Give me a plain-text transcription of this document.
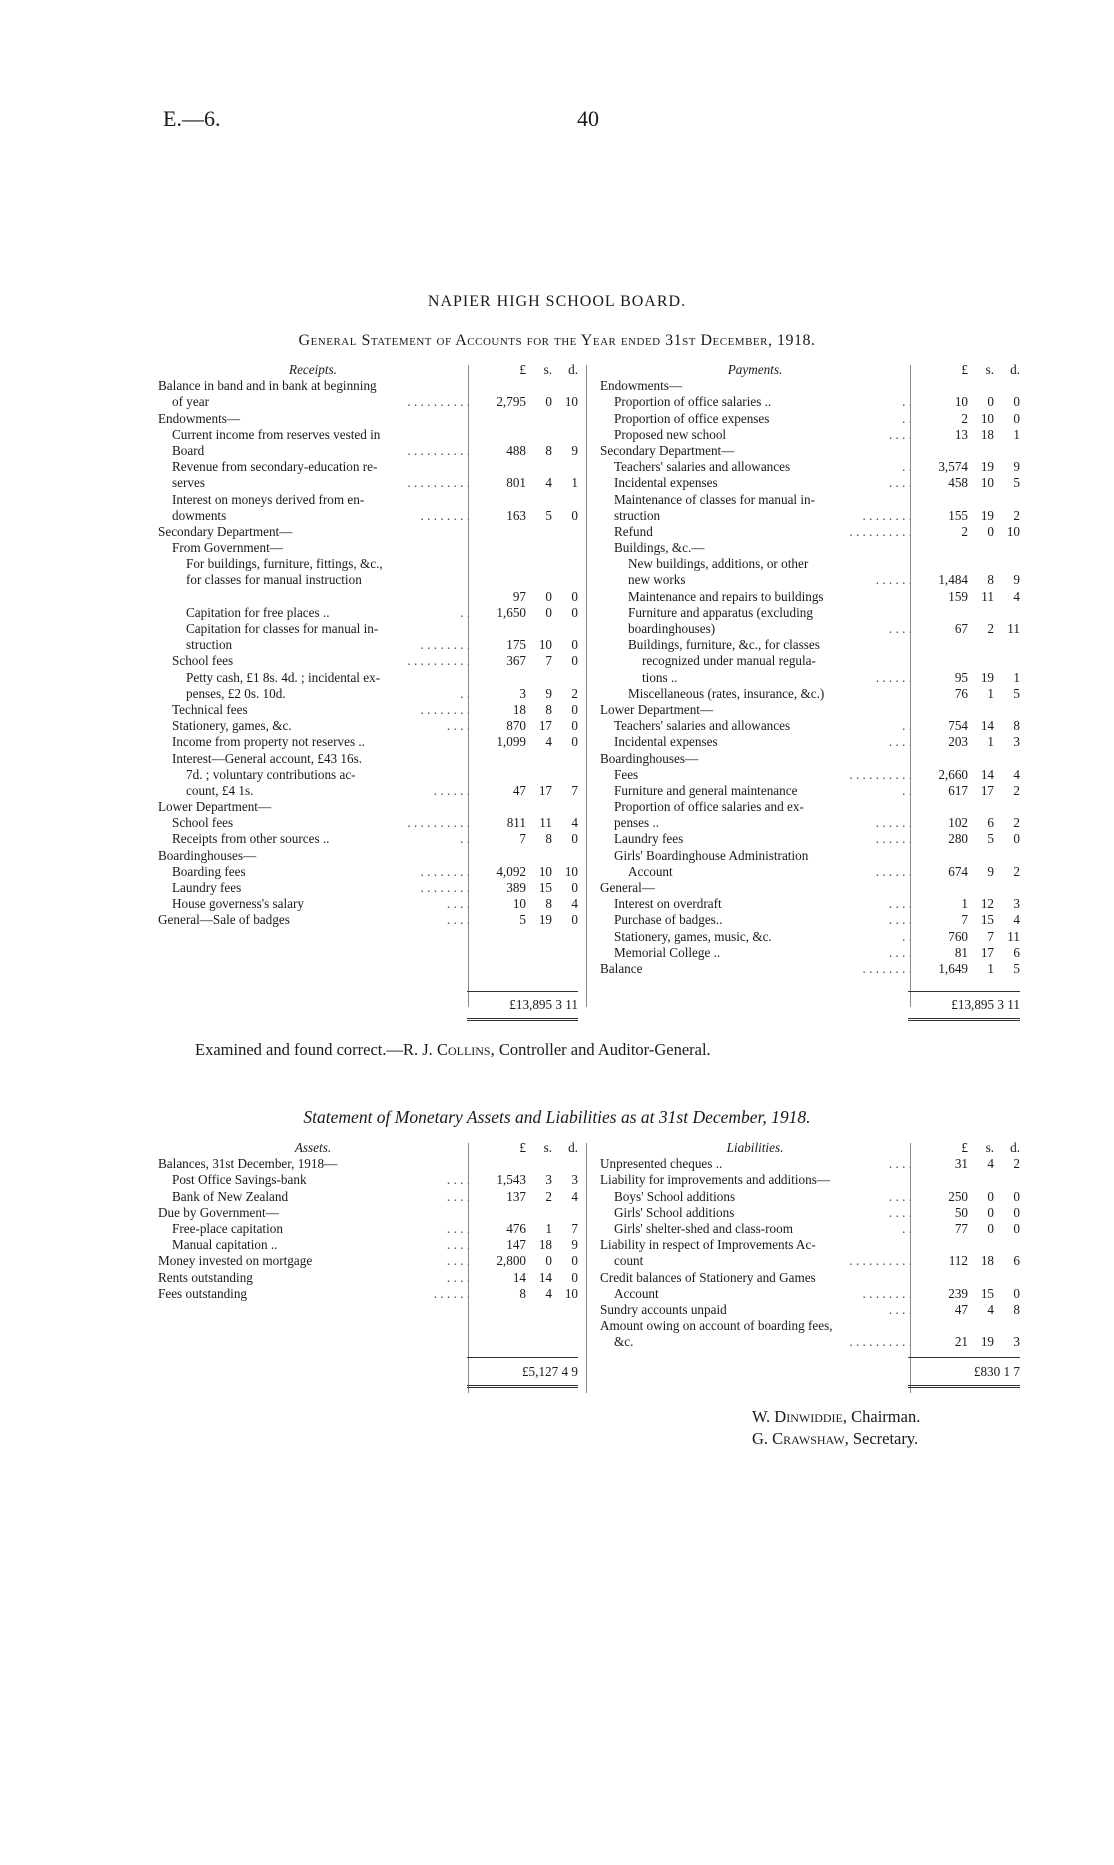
E.—6.	40
NAPIER HIGH SCHOOL BOARD.
General Statement of Accounts for the Year ended 31st December, 1918.
Receipts.	£	s.	d.
Balance in band and in bank at beginning
of year	. . . . . . . . . .	2,795	0 10
Endowments—
Current income from reserves vested in
Board	. . . . . . . . . .	488	8	9
Revenue from secondary-education re-
serves	. . . . . . . . . .	801	4	1
Interest on moneys derived from en-
dowments	. . . . . . . .	163	5	0
Secondary Department—
From Government—
For buildings, furniture, fittings, &c.,
for classes for manual instruction
97	0	0
Capitation for free places ..	. .	1,650	0	0
Capitation for classes for manual in-
struction	. . . . . . . .	175 10	0
School fees	. . . . . . . . . .	367	7	0
Petty cash, £1 8s. 4d. ; incidental ex-
penses, £2 0s. 10d.	. .	3	9	2
Technical fees	. . . . . . . .	18	8	0
Stationery, games, &c.	. . . .	870 17	0
Income from property not reserves ..	1,099	4	0
Interest—General account, £43 16s.
7d. ; voluntary contributions ac-
count, £4 1s.	. . . . . .	47 17	7
Lower Department—
School fees	. . . . . . . . . .	811	11	4
Receipts from other sources ..	. .	7	8	0
Boardinghouses—
Boarding fees	. . . . . . . .	4,092 10 10
Laundry fees	. . . . . . . .	389 15	0
House governess's salary	. . . .	10	8	4
General—Sale of badges	. . . .	5 19	0
Payments.	£	s.	d.
Endowments—
Proportion of office salaries ..	. .	10	0	0
Proportion of office expenses	. .	2 10	0
Proposed new school	. . . .	13 18	1
Secondary Department—
Teachers' salaries and allowances	. .	3,574 19	9
Incidental expenses	. . . .	458 10	5
Maintenance of classes for manual in-
struction	. . . . . . . .	155 19	2
Refund	. . . . . . . . . .	2	0 10
Buildings, &c.—
New buildings, additions, or other
new works	. . . . . .	1,484	8	9
Maintenance and repairs to buildings	159	11	4
Furniture and apparatus (excluding
boardinghouses)	. . . .	67	2	11
Buildings, furniture, &c., for classes
recognized under manual regula-
tions ..	. . . . . .	95 19	1
Miscellaneous (rates, insurance, &c.)	76	1	5
Lower Department—
Teachers' salaries and allowances	. .	754 14	8
Incidental expenses	. . . .	203	1	3
Boardinghouses—
Fees	. . . . . . . . . .	2,660 14	4
Furniture and general maintenance	. .	617 17	2
Proportion of office salaries and ex-
penses ..	. . . . . .	102	6	2
Laundry fees	. . . . . .	280	5	0
Girls' Boardinghouse Administration
Account	. . . . . .	674	9	2
General—
Interest on overdraft	. . . .	1 12	3
Purchase of badges..	. . . .	7 15	4
Stationery, games, music, &c.	. .	760	7	11
Memorial College ..	. . . .	81 17	6
Balance	. . . . . . . .	1,649	1	5
£13,895 3 11	£13,895 3 11
Examined and found correct.—R. J. Collins, Controller and Auditor-General.
Statement of Monetary Assets and Liabilities as at 31st December, 1918.
Assets.	£	s.	d.
Balances, 31st December, 1918—
Post Office Savings-bank	. . . .	1,543	3	3
Bank of New Zealand	. . . .	137	2	4
Due by Government—
Free-place capitation	. . . .	476	1	7
Manual capitation ..	. . . .	147 18	9
Money invested on mortgage	. . . .	2,800	0	0
Rents outstanding	. . . .	14 14	0
Fees outstanding	. . . . . .	8	4 10
Liabilities.	£	s.	d.
Unpresented cheques ..	. . . .	31	4	2
Liability for improvements and additions—
Boys' School additions	. . . .	250	0	0
Girls' School additions	. . . .	50	0	0
Girls' shelter-shed and class-room	. .	77	0	0
Liability in respect of Improvements Ac-
count	. . . . . . . . . .	112 18	6
Credit balances of Stationery and Games
Account	. . . . . . . .	239 15	0
Sundry accounts unpaid	. . . .	47	4	8
Amount owing on account of boarding fees,
&c.	. . . . . . . . . .	21 19	3
£5,127 4 9	£830 1 7
W. Dinwiddie, Chairman.
G. Crawshaw, Secretary.
